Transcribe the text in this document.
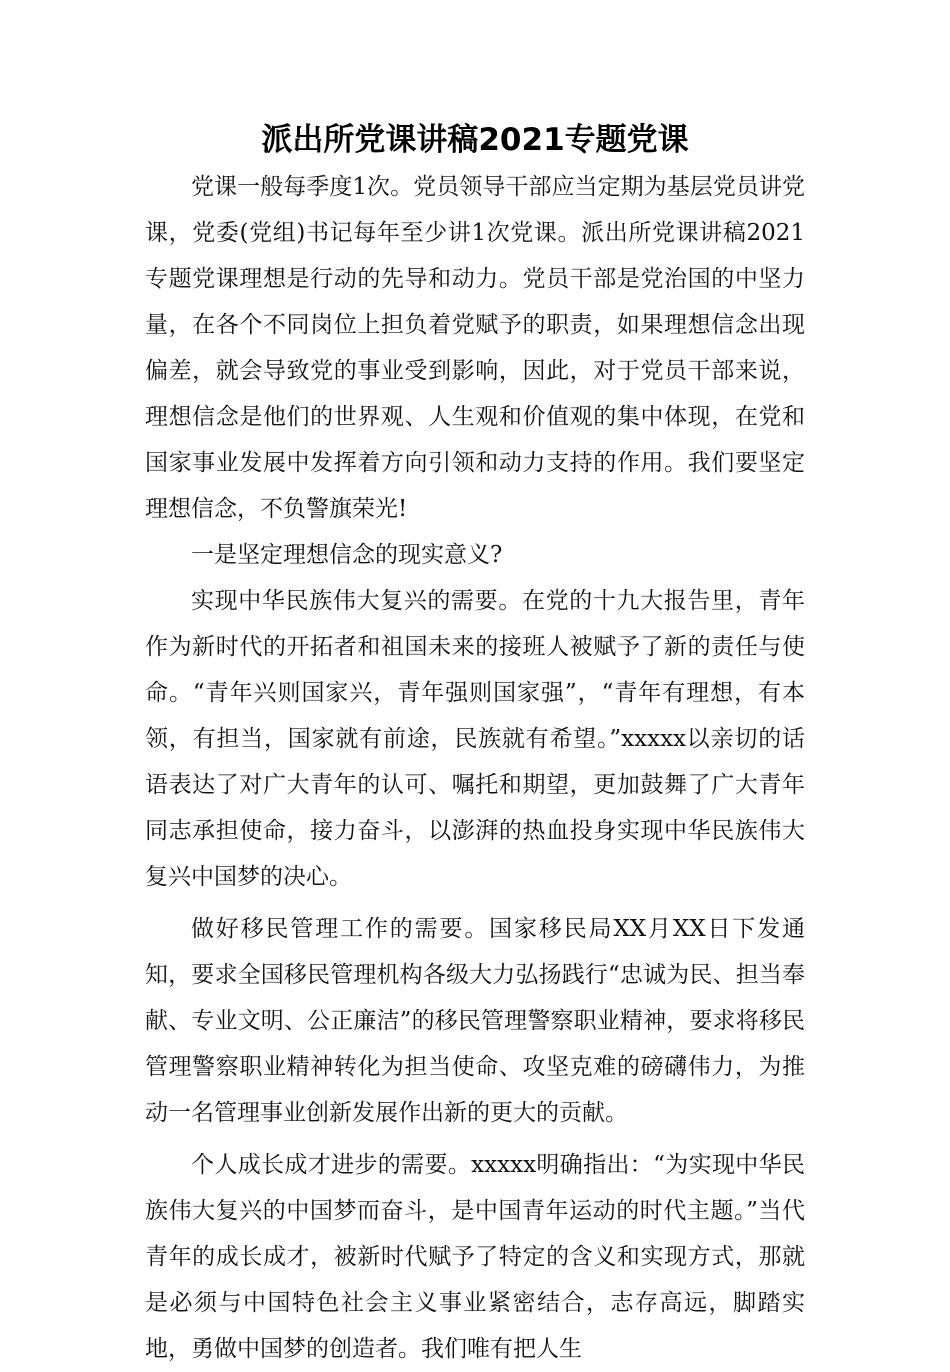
派出所党课讲稿2021专题党课

党课一般每季度1次。党员领导干部应当定期为基层党员讲党课，党委(党组)书记每年至少讲1次党课。派出所党课讲稿2021专题党课理想是行动的先导和动力。党员干部是党治国的中坚力量，在各个不同岗位上担负着党赋予的职责，如果理想信念出现偏差，就会导致党的事业受到影响，因此，对于党员干部来说，理想信念是他们的世界观、人生观和价值观的集中体现，在党和国家事业发展中发挥着方向引领和动力支持的作用。我们要坚定理想信念，不负警旗荣光!

一是坚定理想信念的现实意义?

实现中华民族伟大复兴的需要。在党的十九大报告里，青年作为新时代的开拓者和祖国未来的接班人被赋予了新的责任与使命。“青年兴则国家兴，青年强则国家强”，“青年有理想，有本领，有担当，国家就有前途，民族就有希望。”xxxxx以亲切的话语表达了对广大青年的认可、嘱托和期望，更加鼓舞了广大青年同志承担使命，接力奋斗，以澎湃的热血投身实现中华民族伟大复兴中国梦的决心。

做好移民管理工作的需要。国家移民局XX月XX日下发通知，要求全国移民管理机构各级大力弘扬践行“忠诚为民、担当奉献、专业文明、公正廉洁”的移民管理警察职业精神，要求将移民管理警察职业精神转化为担当使命、攻坚克难的磅礴伟力，为推动一名管理事业创新发展作出新的更大的贡献。

个人成长成才进步的需要。xxxxx明确指出：“为实现中华民族伟大复兴的中国梦而奋斗，是中国青年运动的时代主题。”当代青年的成长成才，被新时代赋予了特定的含义和实现方式，那就是必须与中国特色社会主义事业紧密结合，志存高远，脚踏实地，勇做中国梦的创造者。我们唯有把人生
